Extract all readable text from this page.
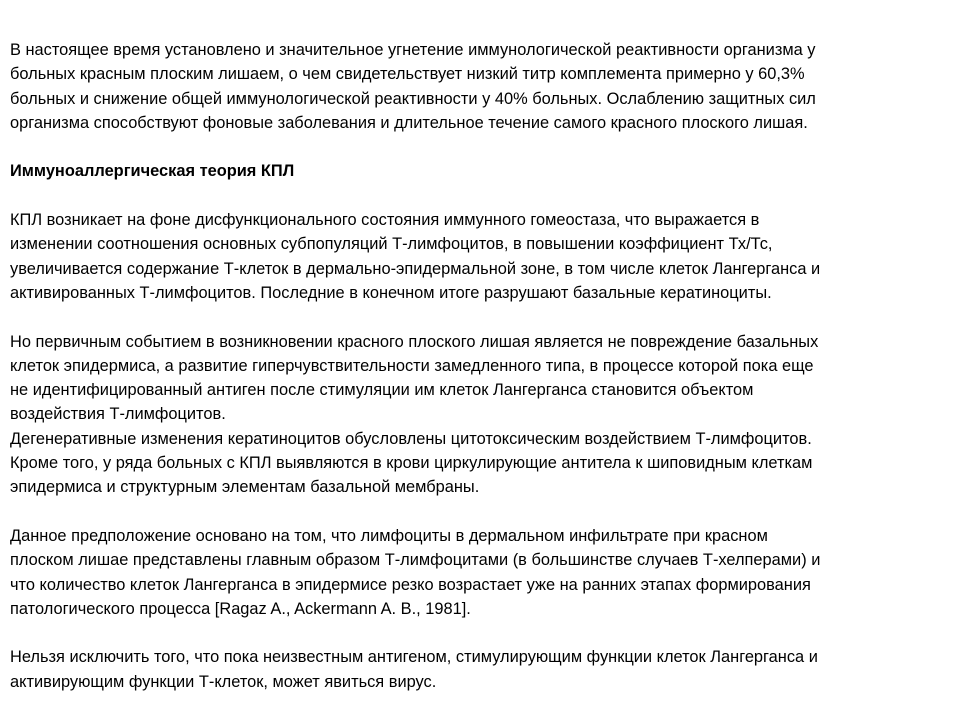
В настоящее время установлено и значительное угнетение иммунологической реактивности организма у
больных красным плоским лишаем, о чем свидетельствует низкий титр комплемента примерно у 60,3%
больных и снижение общей иммунологической реактивности у 40% больных. Ослаблению защитных сил
организма способствуют фоновые заболевания и длительное течение самого красного плоского лишая.

Иммуноаллергическая теория КПЛ

КПЛ возникает на фоне дисфункционального состояния иммунного гомеостаза, что выражается в
изменении соотношения основных субпопуляций Т-лимфоцитов, в повышении коэффициент Тх/Тс,
увеличивается содержание Т-клеток в дермально-эпидермальной зоне, в том числе клеток Лангерганса и
активированных Т-лимфоцитов. Последние в конечном итоге разрушают базальные кератиноциты.

Но первичным событием в возникновении красного плоского лишая является не повреждение базальных
клеток эпидермиса, а развитие гиперчувствительности замедленного типа, в процессе которой пока еще
не идентифицированный антиген после стимуляции им клеток Лангерганса становится объектом
воздействия Т-лимфоцитов.

Дегенеративные изменения кератиноцитов обусловлены цитотоксическим воздействием Т-лимфоцитов.
Кроме того, у ряда больных с КПЛ выявляются в крови циркулирующие антитела к шиповидным клеткам
эпидермиса и структурным элементам базальной мембраны.

Данное предположение основано на том, что лимфоциты в дермальном инфильтрате при красном
плоском лишае представлены главным образом Т-лимфоцитами (в большинстве случаев Т-хелперами) и
что количество клеток Лангерганса в эпидермисе резко возрастает уже на ранних этапах формирования
патологического процесса [Ragaz A., Ackermann A. B., 1981].

Нельзя исключить того, что пока неизвестным антигеном, стимулирующим функции клеток Лангерганса и
активирующим функции Т-клеток, может явиться вирус.
